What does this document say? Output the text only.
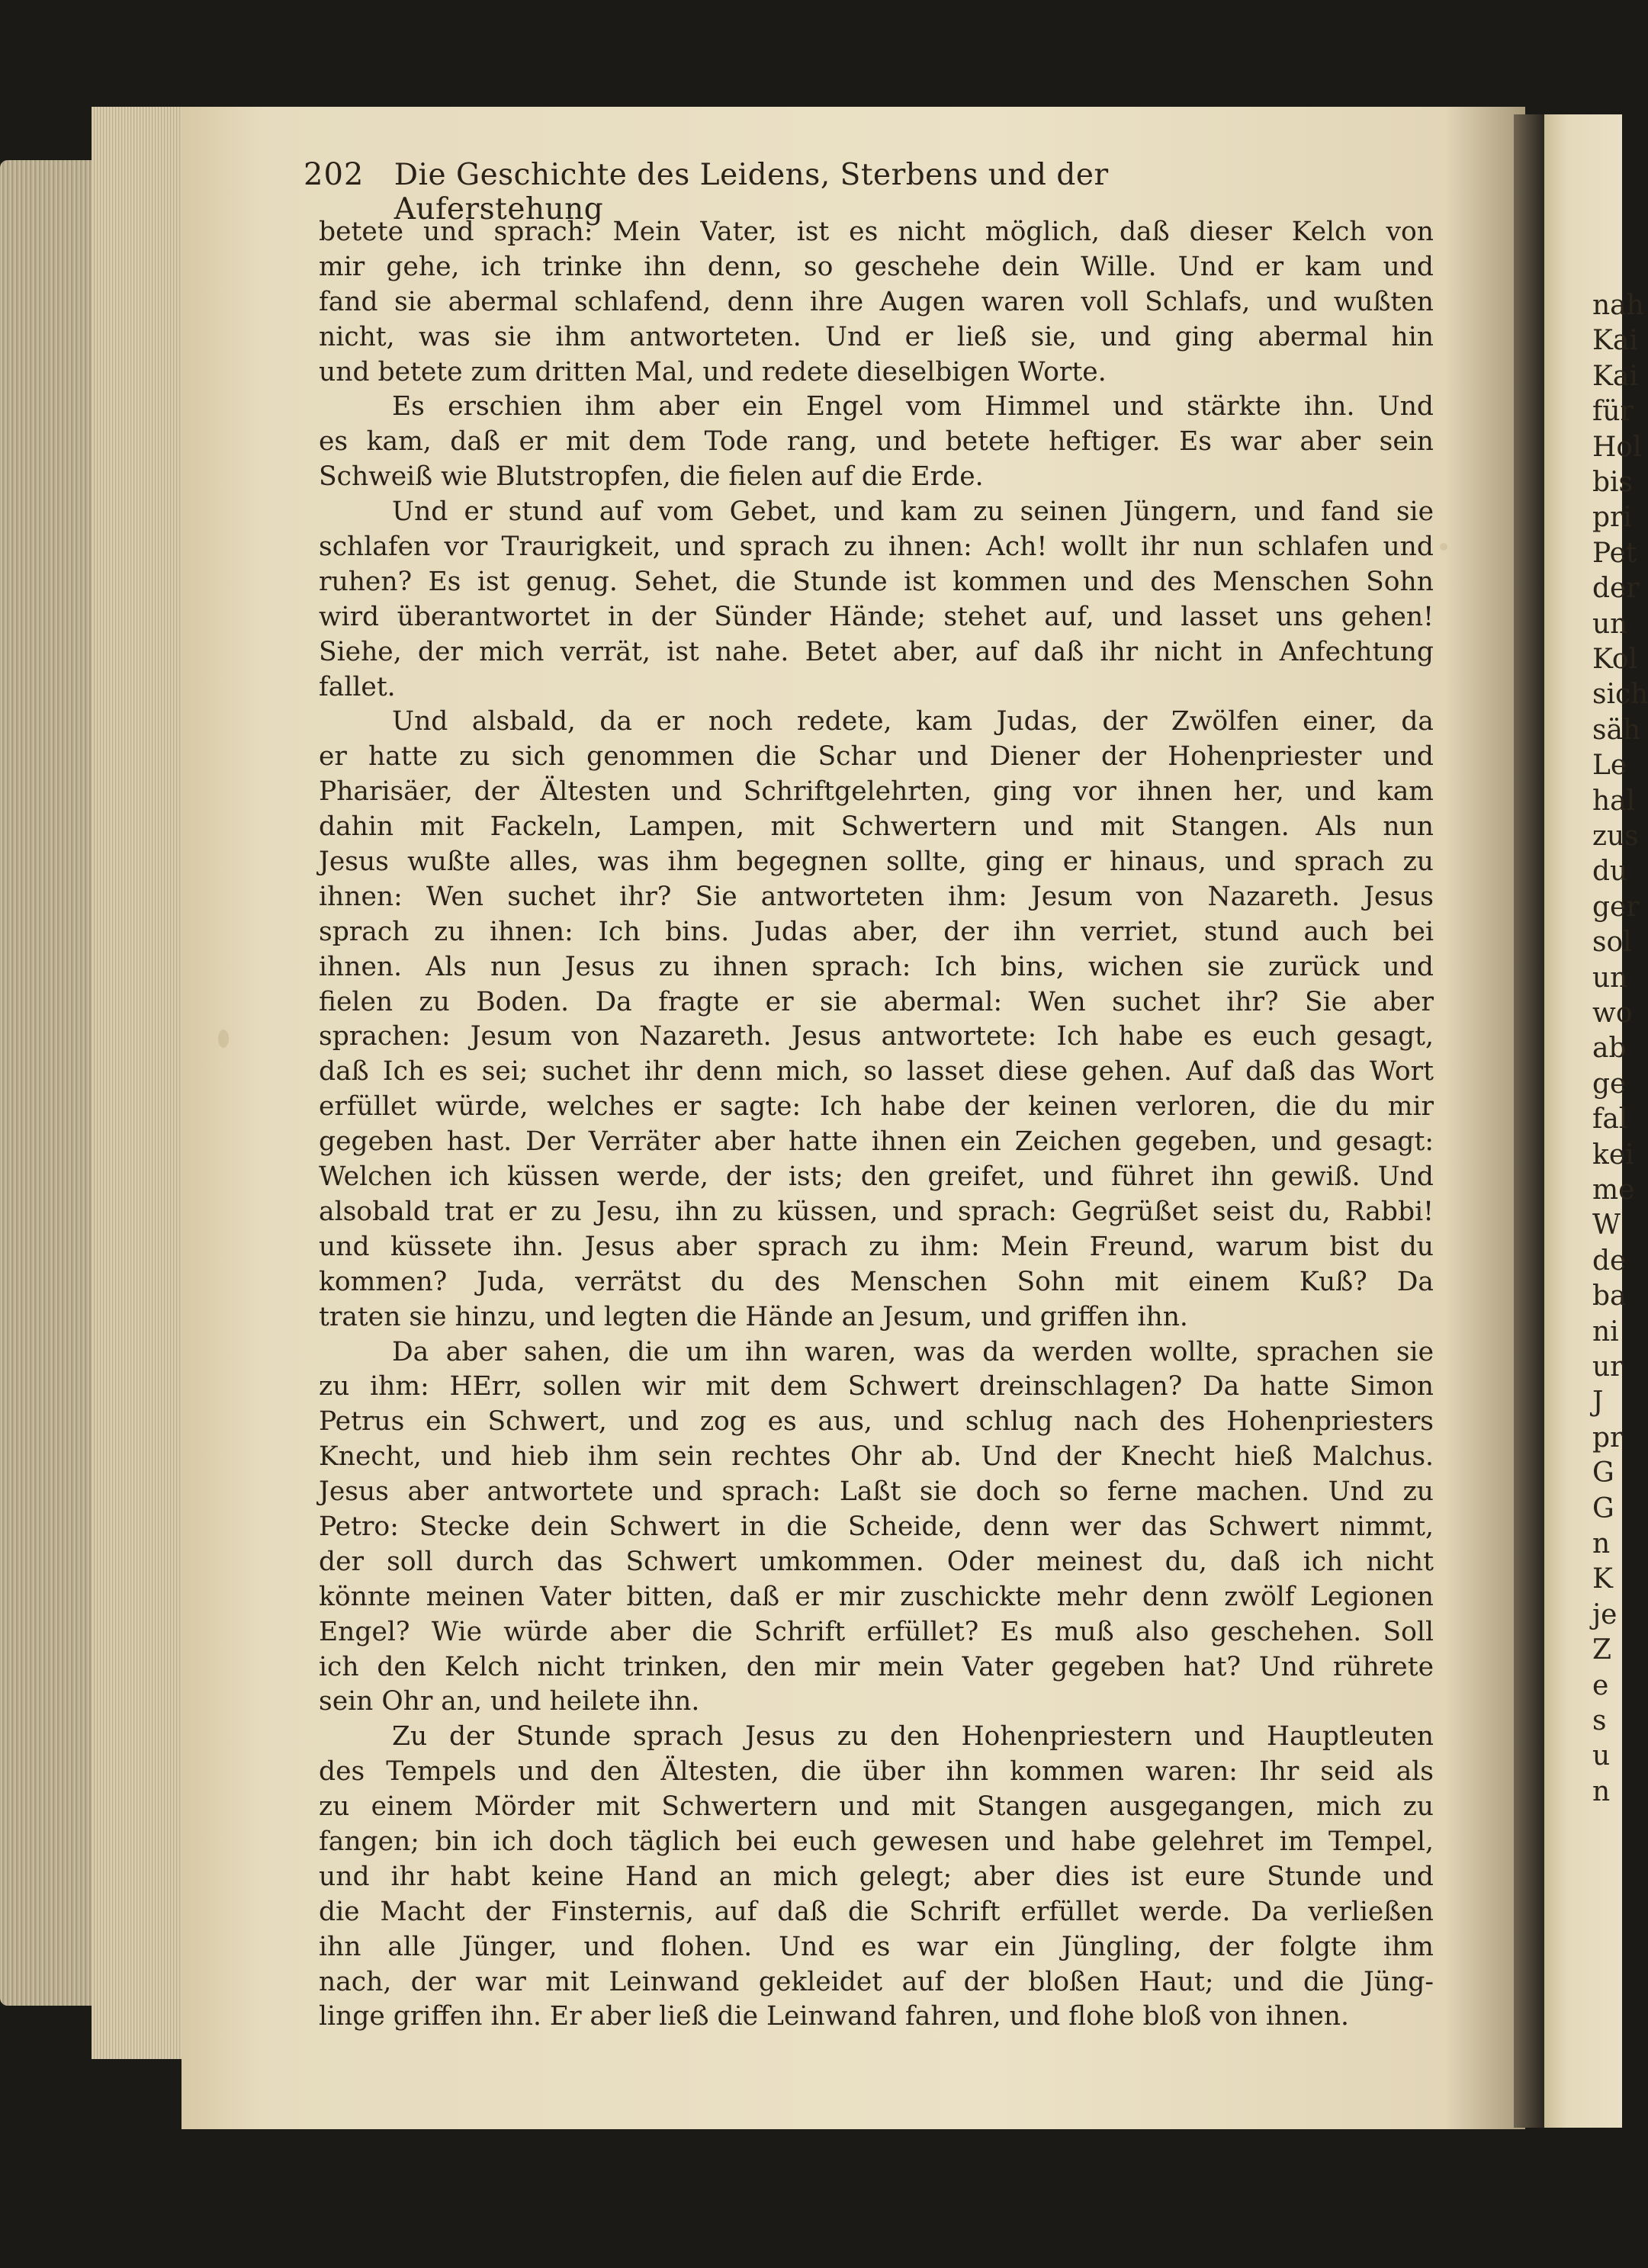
202	Die Geschichte des Leidens, Sterbens und der Auferstehung

betete und sprach: Mein Vater, ist es nicht möglich, daß dieser Kelch von

mir gehe, ich trinke ihn denn, so geschehe dein Wille. Und er kam und

fand sie abermal schlafend, denn ihre Augen waren voll Schlafs, und wußten

nicht, was sie ihm antworteten. Und er ließ sie, und ging abermal hin

und betete zum dritten Mal, und redete dieselbigen Worte.

Es erschien ihm aber ein Engel vom Himmel und stärkte ihn. Und

es kam, daß er mit dem Tode rang, und betete heftiger. Es war aber sein

Schweiß wie Blutstropfen, die fielen auf die Erde.

Und er stund auf vom Gebet, und kam zu seinen Jüngern, und fand sie

schlafen vor Traurigkeit, und sprach zu ihnen: Ach! wollt ihr nun schlafen und

ruhen? Es ist genug. Sehet, die Stunde ist kommen und des Menschen Sohn

wird überantwortet in der Sünder Hände; stehet auf, und lasset uns gehen!

Siehe, der mich verrät, ist nahe. Betet aber, auf daß ihr nicht in Anfechtung

fallet.

Und alsbald, da er noch redete, kam Judas, der Zwölfen einer, da

er hatte zu sich genommen die Schar und Diener der Hohenpriester und

Pharisäer, der Ältesten und Schriftgelehrten, ging vor ihnen her, und kam

dahin mit Fackeln, Lampen, mit Schwertern und mit Stangen. Als nun

Jesus wußte alles, was ihm begegnen sollte, ging er hinaus, und sprach zu

ihnen: Wen suchet ihr? Sie antworteten ihm: Jesum von Nazareth. Jesus

sprach zu ihnen: Ich bins. Judas aber, der ihn verriet, stund auch bei

ihnen. Als nun Jesus zu ihnen sprach: Ich bins, wichen sie zurück und

fielen zu Boden. Da fragte er sie abermal: Wen suchet ihr? Sie aber

sprachen: Jesum von Nazareth. Jesus antwortete: Ich habe es euch gesagt,

daß Ich es sei; suchet ihr denn mich, so lasset diese gehen. Auf daß das Wort

erfüllet würde, welches er sagte: Ich habe der keinen verloren, die du mir

gegeben hast. Der Verräter aber hatte ihnen ein Zeichen gegeben, und gesagt:

Welchen ich küssen werde, der ists; den greifet, und führet ihn gewiß. Und

alsobald trat er zu Jesu, ihn zu küssen, und sprach: Gegrüßet seist du, Rabbi!

und küssete ihn. Jesus aber sprach zu ihm: Mein Freund, warum bist du

kommen? Juda, verrätst du des Menschen Sohn mit einem Kuß? Da

traten sie hinzu, und legten die Hände an Jesum, und griffen ihn.

Da aber sahen, die um ihn waren, was da werden wollte, sprachen sie

zu ihm: HErr, sollen wir mit dem Schwert dreinschlagen? Da hatte Simon

Petrus ein Schwert, und zog es aus, und schlug nach des Hohenpriesters

Knecht, und hieb ihm sein rechtes Ohr ab. Und der Knecht hieß Malchus.

Jesus aber antwortete und sprach: Laßt sie doch so ferne machen. Und zu

Petro: Stecke dein Schwert in die Scheide, denn wer das Schwert nimmt,

der soll durch das Schwert umkommen. Oder meinest du, daß ich nicht

könnte meinen Vater bitten, daß er mir zuschickte mehr denn zwölf Legionen

Engel? Wie würde aber die Schrift erfüllet? Es muß also geschehen. Soll

ich den Kelch nicht trinken, den mir mein Vater gegeben hat? Und rührete

sein Ohr an, und heilete ihn.

Zu der Stunde sprach Jesus zu den Hohenpriestern und Hauptleuten

des Tempels und den Ältesten, die über ihn kommen waren: Ihr seid als

zu einem Mörder mit Schwertern und mit Stangen ausgegangen, mich zu

fangen; bin ich doch täglich bei euch gewesen und habe gelehret im Tempel,

und ihr habt keine Hand an mich gelegt; aber dies ist eure Stunde und

die Macht der Finsternis, auf daß die Schrift erfüllet werde. Da verließen

ihn alle Jünger, und flohen. Und es war ein Jüngling, der folgte ihm

nach, der war mit Leinwand gekleidet auf der bloßen Haut; und die Jüng-

linge griffen ihn. Er aber ließ die Leinwand fahren, und flohe bloß von ihnen.

nah

Kai

Kai

für

Hol

bis

pri

Pet

der

un

Kol

sich

säh

Le

hal

zus

du

ger

sol

un

wo

ab

ge

fal

kei

me

W

de

ba

ni

ur

J

pr

G

G

n

K

je

Z

e

s

u

n
